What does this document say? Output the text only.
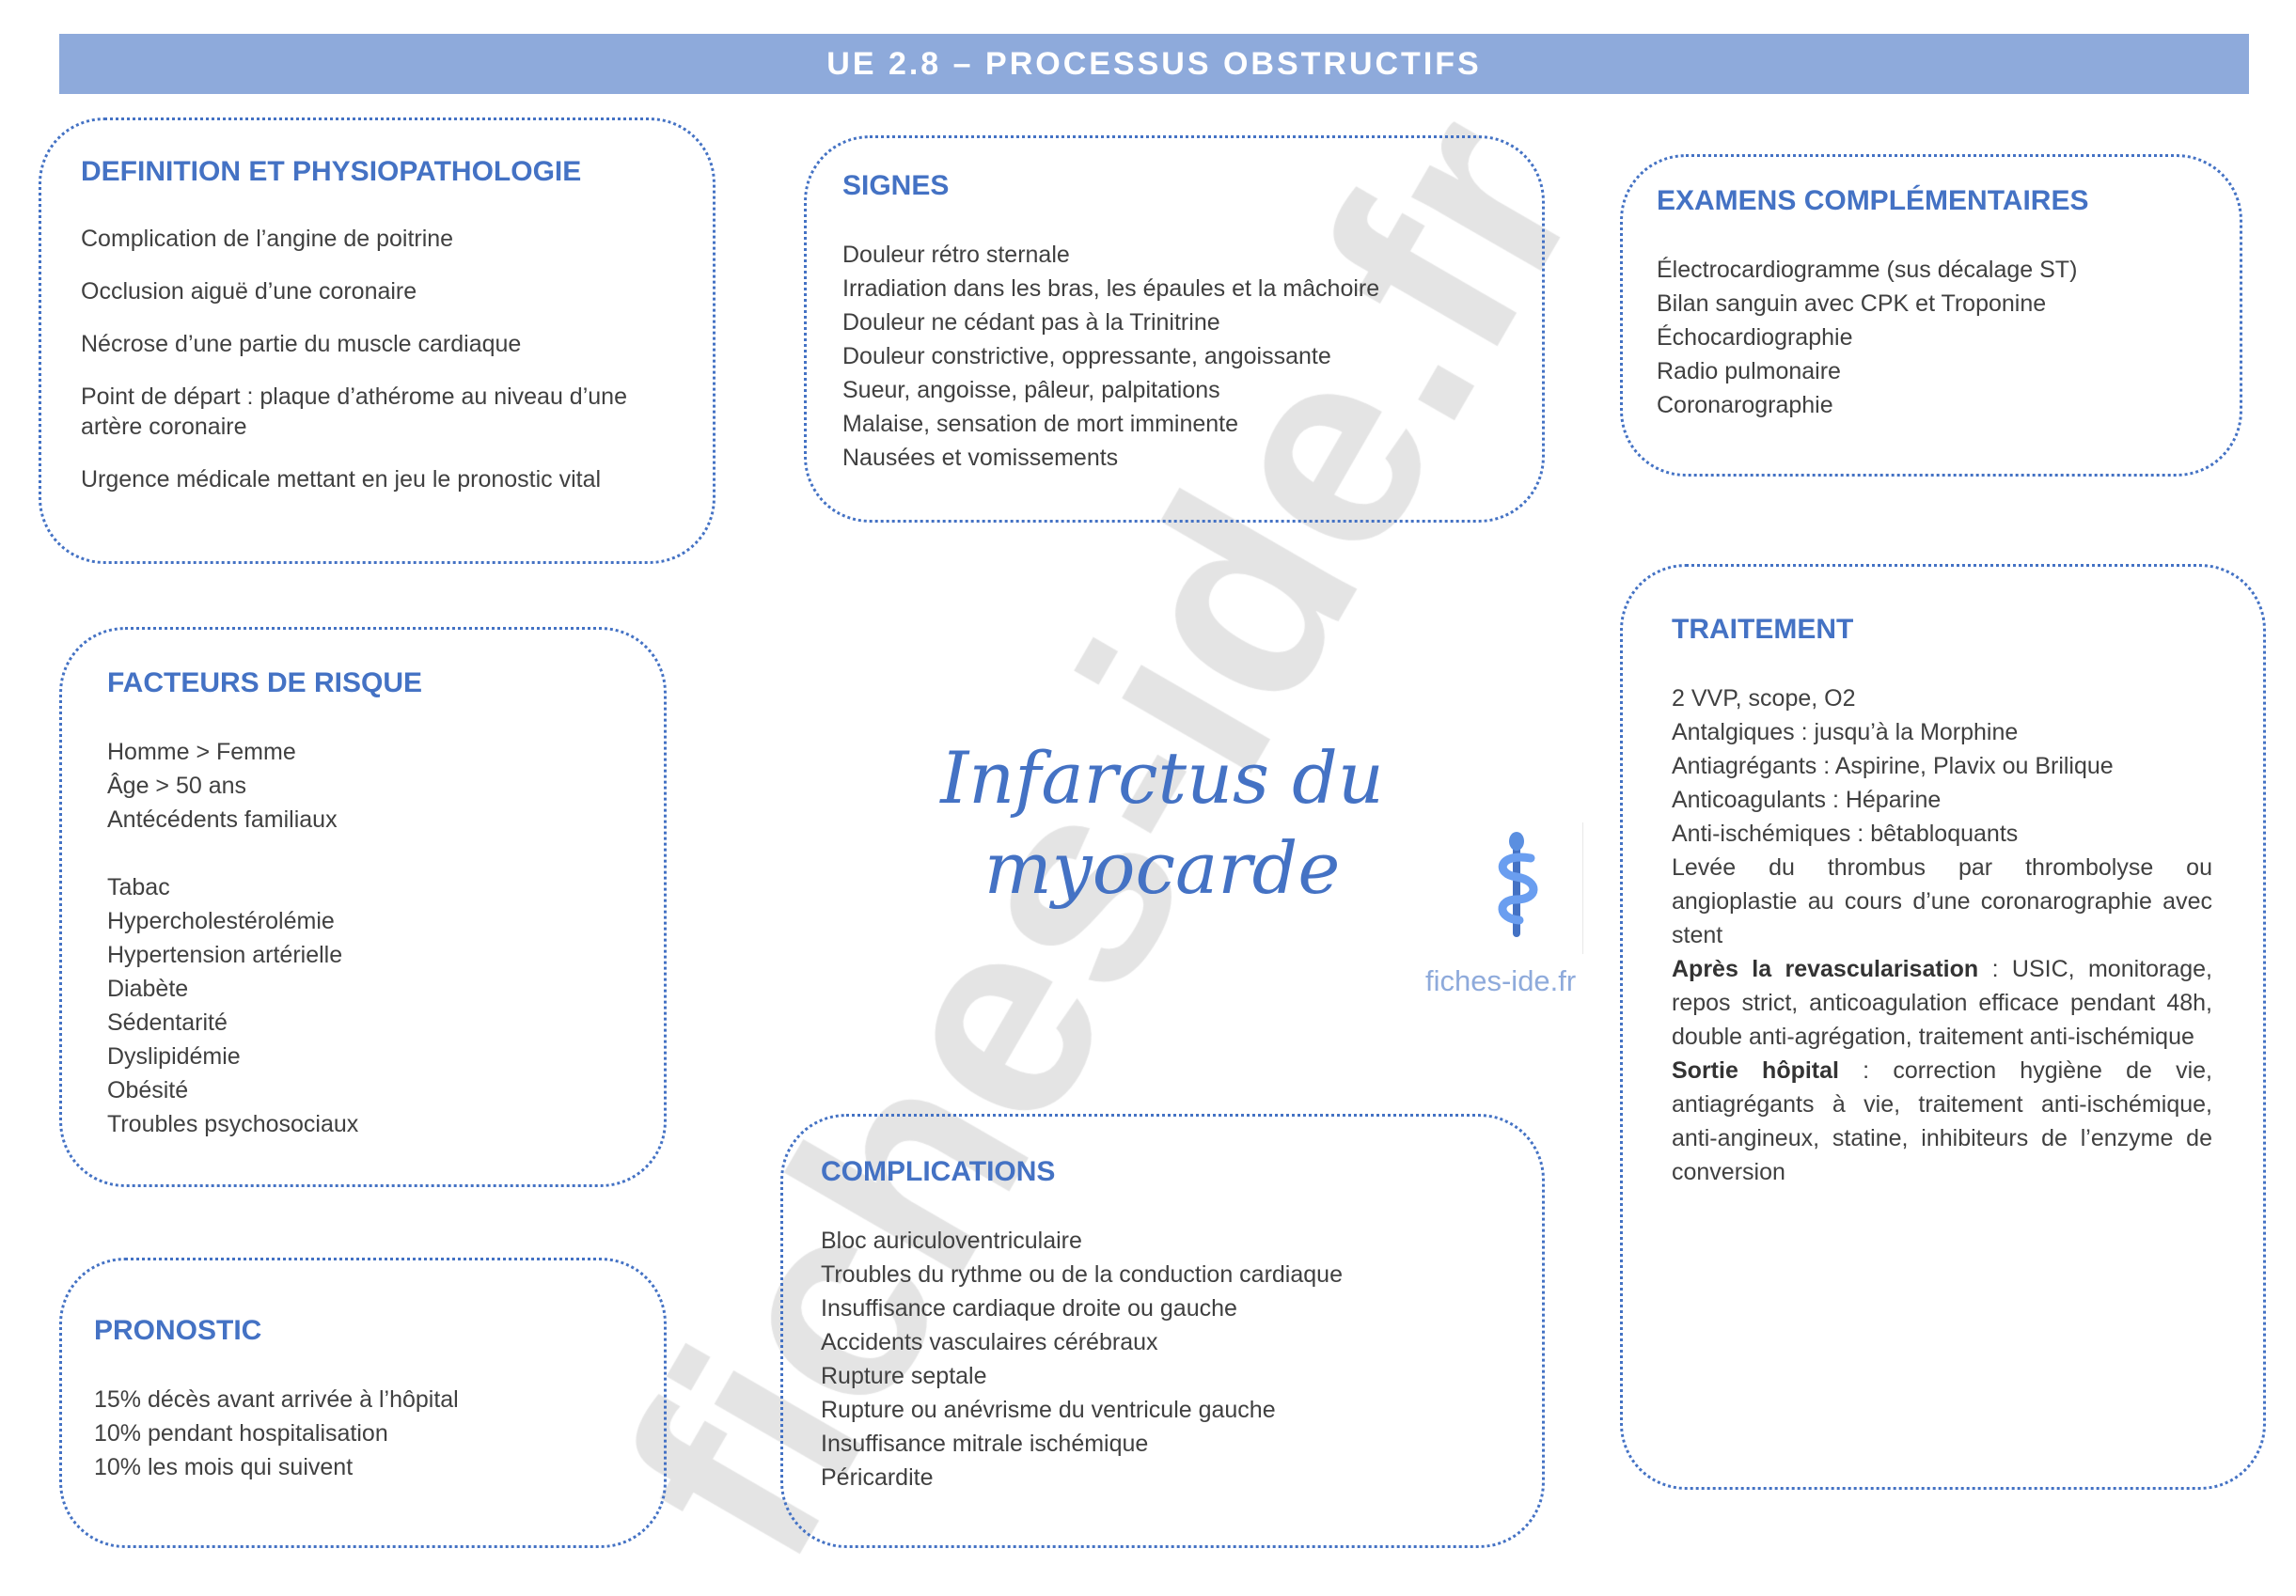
UE 2.8 – PROCESSUS OBSTRUCTIFS
DEFINITION ET PHYSIOPATHOLOGIE
Complication de l’angine de poitrine
Occlusion aiguë d’une coronaire
Nécrose d’une partie du muscle cardiaque
Point de départ : plaque d’athérome au niveau d’une artère coronaire
Urgence médicale mettant en jeu le pronostic vital
SIGNES
Douleur rétro sternale
Irradiation dans les bras, les épaules et la mâchoire
Douleur ne cédant pas à la Trinitrine
Douleur constrictive, oppressante, angoissante
Sueur, angoisse, pâleur, palpitations
Malaise, sensation de mort imminente
Nausées et vomissements
EXAMENS COMPLÉMENTAIRES
Électrocardiogramme (sus décalage ST)
Bilan sanguin avec CPK et Troponine
Échocardiographie
Radio pulmonaire
Coronarographie
FACTEURS DE RISQUE
Homme > Femme
Âge > 50 ans
Antécédents familiaux
Tabac
Hypercholestérolémie
Hypertension artérielle
Diabète
Sédentarité
Dyslipidémie
Obésité
Troubles psychosociaux
PRONOSTIC
15% décès avant arrivée à l’hôpital
10% pendant hospitalisation
10% les mois qui suivent
COMPLICATIONS
Bloc auriculoventriculaire
Troubles du rythme ou de la conduction cardiaque
Insuffisance cardiaque droite ou gauche
Accidents vasculaires cérébraux
Rupture septale
Rupture ou anévrisme du ventricule gauche
Insuffisance mitrale ischémique
Péricardite
TRAITEMENT
2 VVP, scope, O2
Antalgiques : jusqu’à la Morphine
Antiagrégants : Aspirine, Plavix ou Brilique
Anticoagulants : Héparine
Anti-ischémiques : bêtabloquants
Levée du thrombus par thrombolyse ou angioplastie au cours d’une coronarographie avec stent
Après la revascularisation : USIC, monitorage, repos strict, anticoagulation efficace pendant 48h, double anti-agrégation, traitement anti-ischémique
Sortie hôpital : correction hygiène de vie, antiagrégants à vie, traitement anti-ischémique, anti-angineux, statine, inhibiteurs de l’enzyme de conversion
Infarctus du
myocarde
fiches-ide.fr
